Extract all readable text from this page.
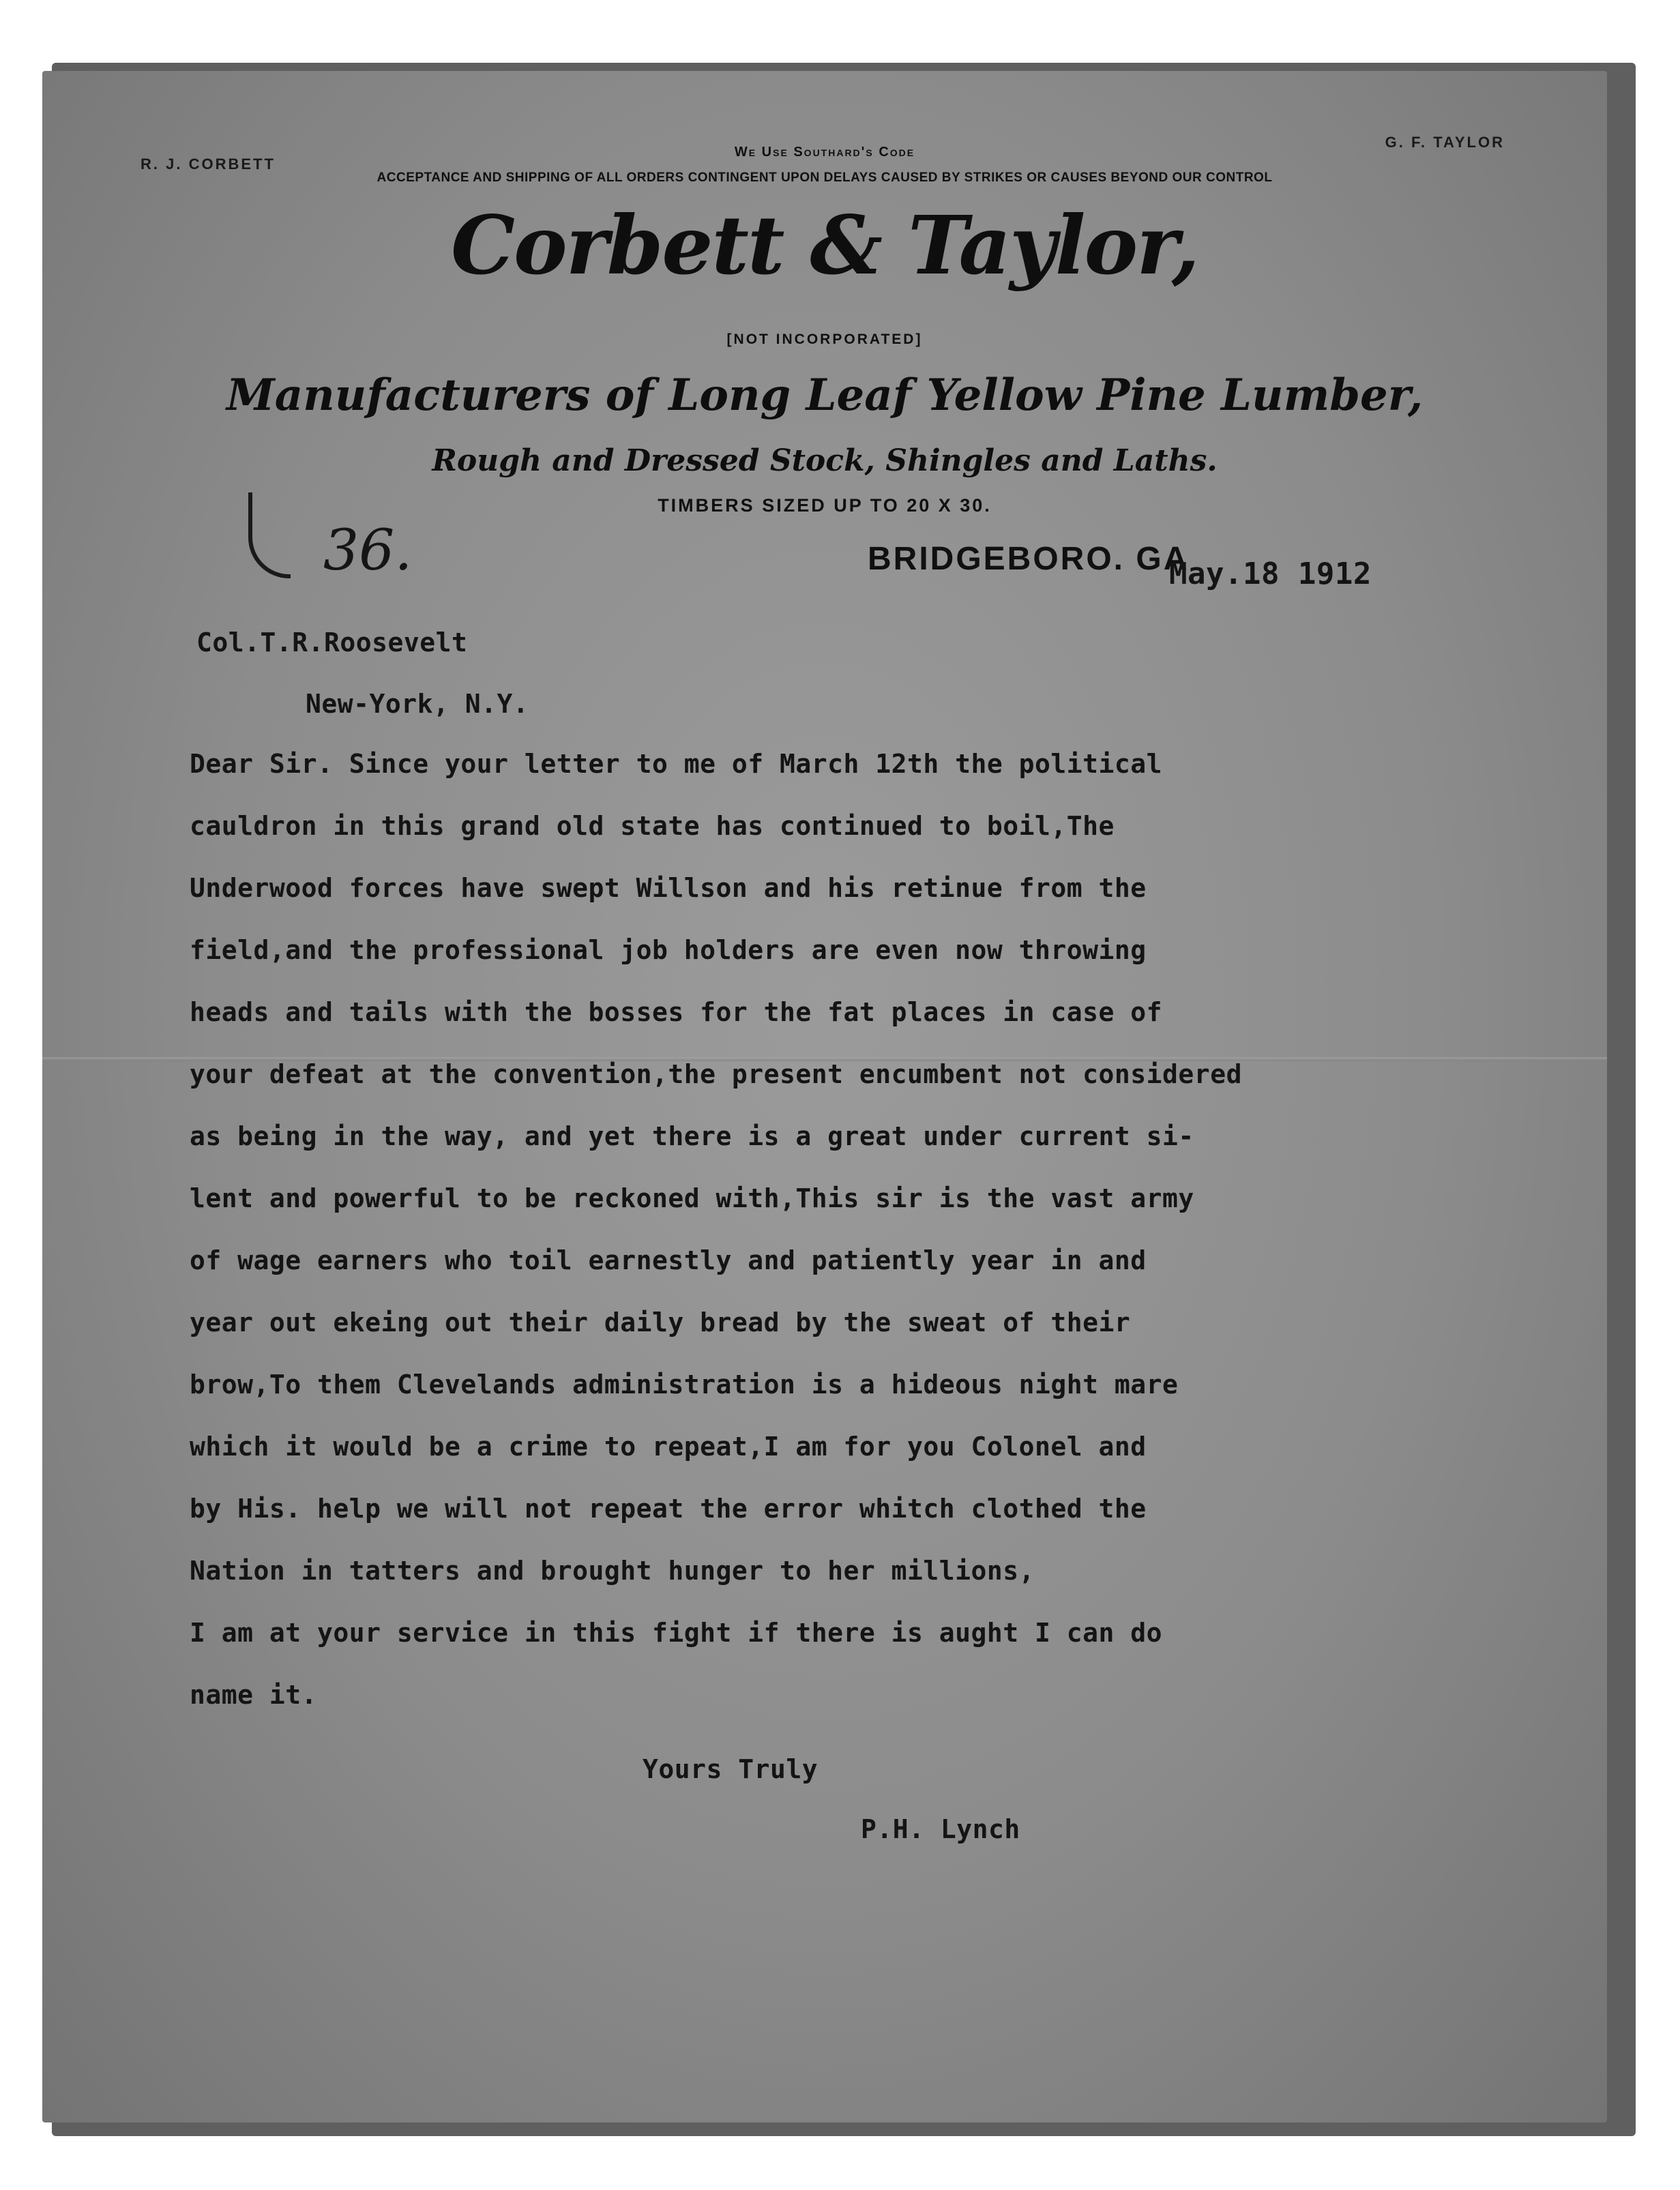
R. J. CORBETT
G. F. TAYLOR
We Use Southard's Code
ACCEPTANCE AND SHIPPING OF ALL ORDERS CONTINGENT UPON DELAYS CAUSED BY STRIKES OR CAUSES BEYOND OUR CONTROL
Corbett & Taylor,
[NOT INCORPORATED]
Manufacturers of Long Leaf Yellow Pine Lumber,
Rough and Dressed Stock, Shingles and Laths.
TIMBERS SIZED UP TO 20 X 30.
36.	BRIDGEBORO. GA
May.18 1912
Col.T.R.Roosevelt
New-York, N.Y.
Dear Sir. Since your letter to me of March 12th the political
cauldron in this grand old state has continued to boil,The
Underwood forces have swept Willson and his retinue from the
field,and the professional job holders are even now throwing
heads and tails with the bosses for the fat places in case of
your defeat at the convention,the present encumbent not considered
as being in the way, and yet there is a great under current si-
lent and powerful to be reckoned with,This sir is the vast army
of wage earners who toil earnestly and patiently year in and
year out ekeing out their daily bread by the sweat of their
brow,To them Clevelands administration is a hideous night mare
which it would be a crime to repeat,I am for you Colonel and
by His. help we will not repeat the error whitch clothed the
Nation in tatters and brought hunger to her millions,
I am at your service in this fight if there is aught I can do
name it.
Yours Truly
P.H. Lynch
